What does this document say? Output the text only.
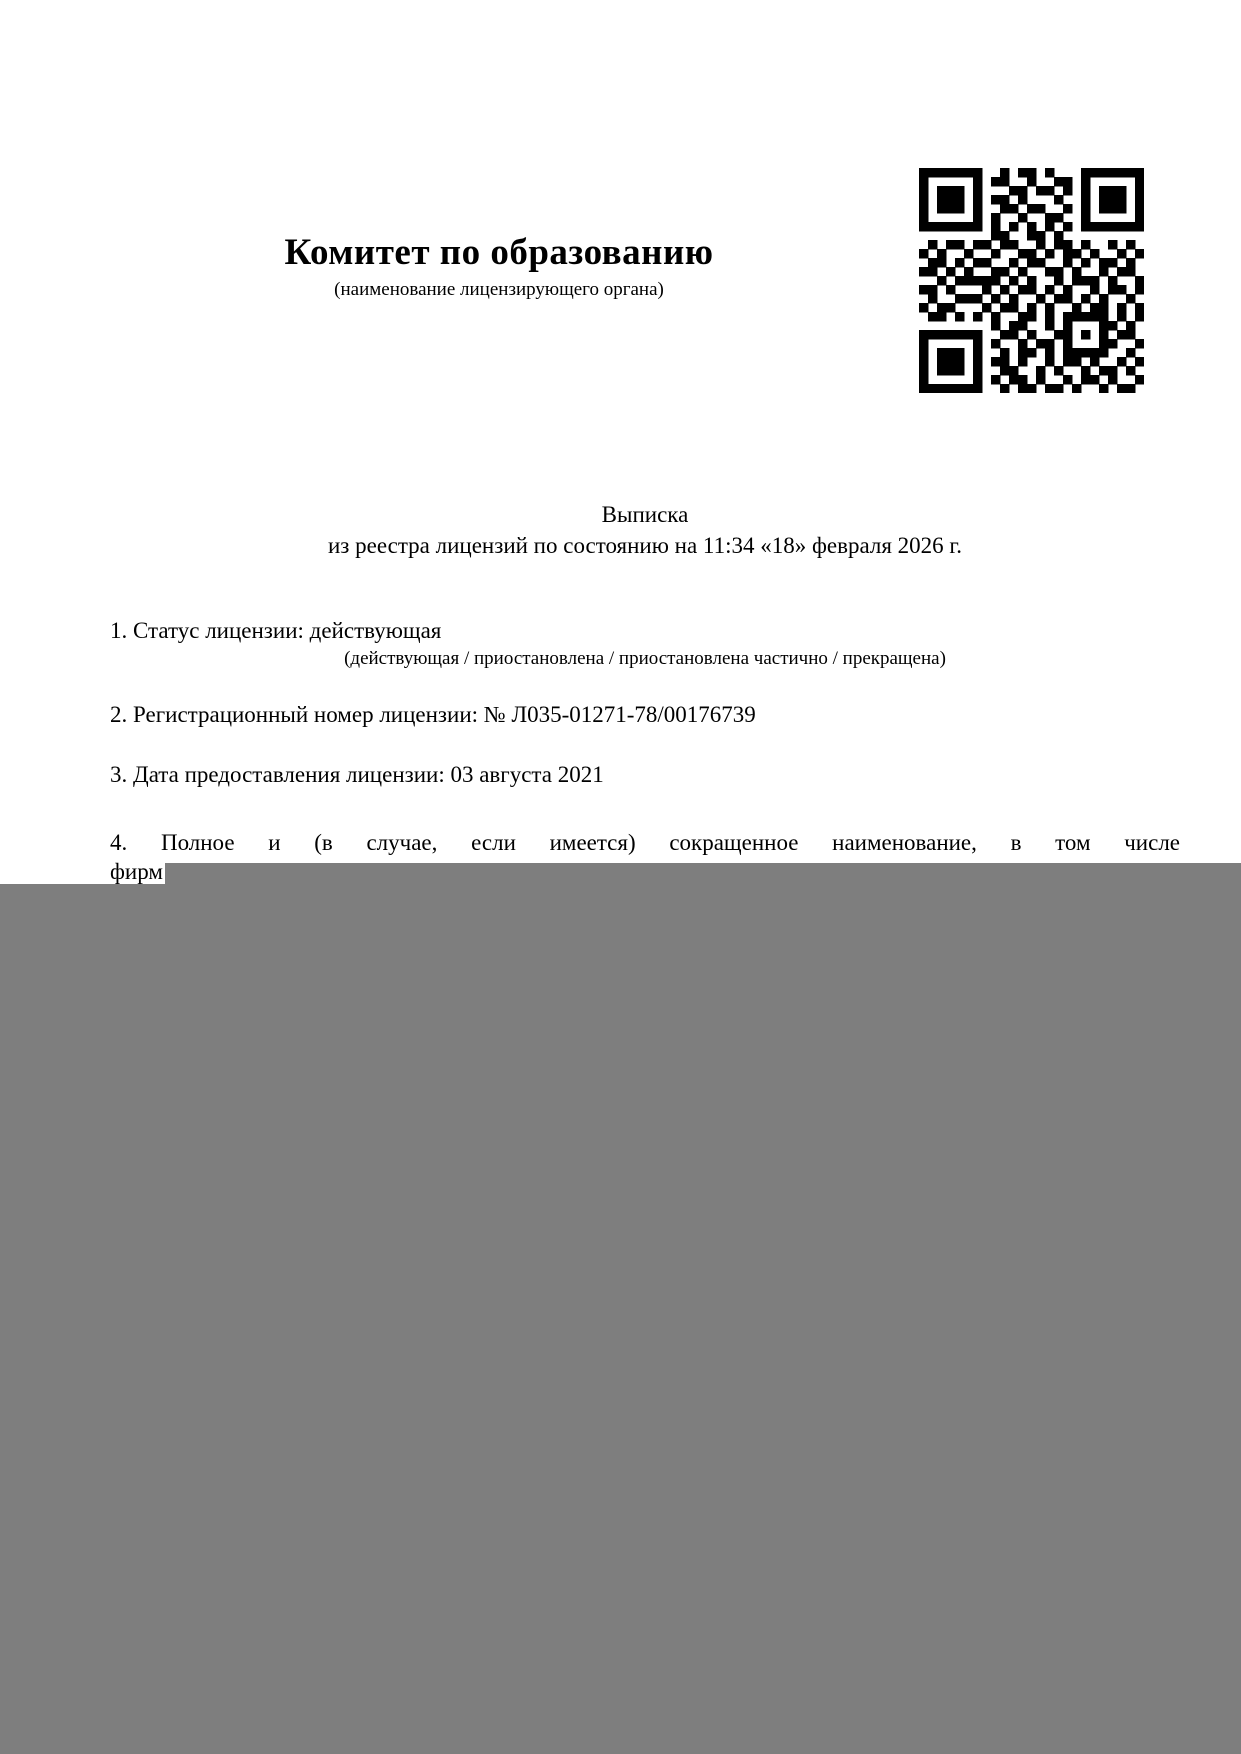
Комитет по образованию
(наименование лицензирующего органа)
Выписка
из реестра лицензий по состоянию на 11:34 «18» февраля 2026 г.
1. Статус лицензии: действующая
(действующая / приостановлена / приостановлена частично / прекращена)
2. Регистрационный номер лицензии: № Л035-01271-78/00176739
3. Дата предоставления лицензии: 03 августа 2021
4. Полное и (в случае, если имеется) сокращенное наименование, в том числе
фирм
